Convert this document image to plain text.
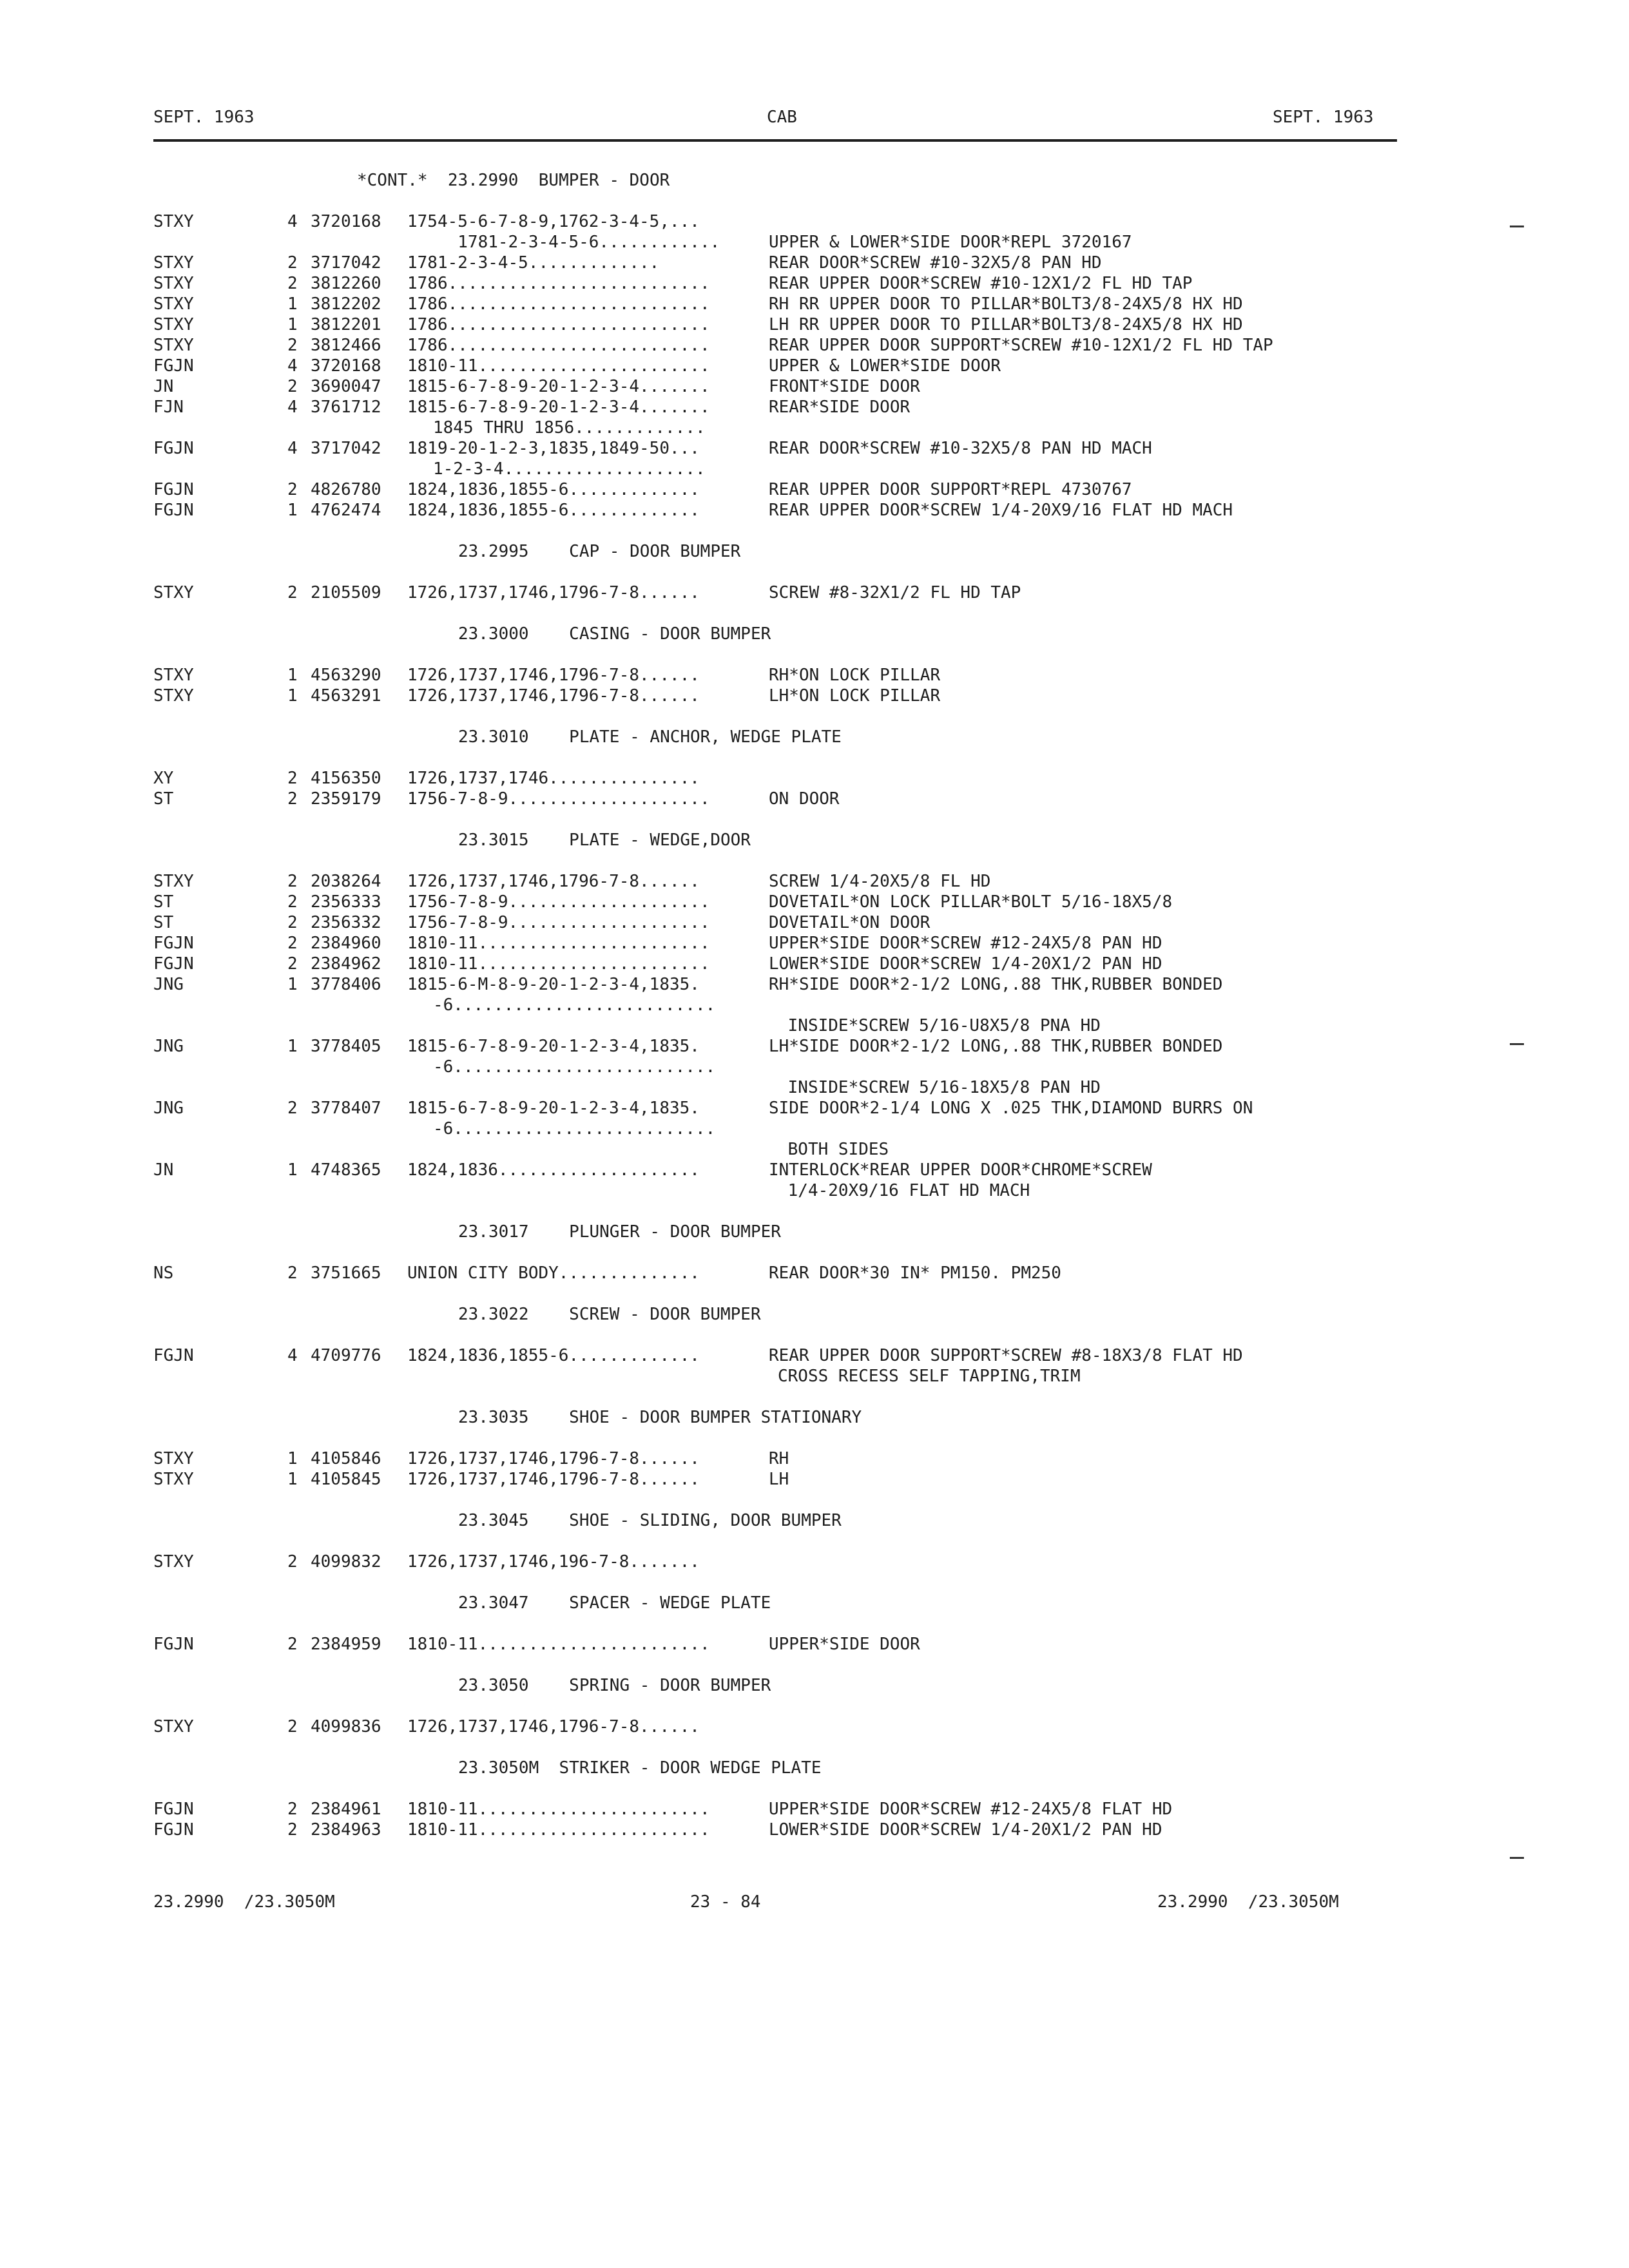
SEPT. 1963	CAB	SEPT. 1963

*CONT.*  23.2990  BUMPER - DOOR

STXY	4 3720168 1754-5-6-7-8-9,1762-3-4-5,...
1781-2-3-4-5-6............	UPPER & LOWER*SIDE DOOR*REPL 3720167
STXY	2 3717042 1781-2-3-4-5.............	REAR DOOR*SCREW #10-32X5/8 PAN HD
STXY	2 3812260 1786..........................	REAR UPPER DOOR*SCREW #10-12X1/2 FL HD TAP
STXY	1 3812202 1786..........................	RH RR UPPER DOOR TO PILLAR*BOLT3/8-24X5/8 HX HD
STXY	1 3812201 1786..........................	LH RR UPPER DOOR TO PILLAR*BOLT3/8-24X5/8 HX HD
STXY	2 3812466 1786..........................	REAR UPPER DOOR SUPPORT*SCREW #10-12X1/2 FL HD TAP
FGJN	4 3720168 1810-11.......................	UPPER & LOWER*SIDE DOOR
JN	2 3690047 1815-6-7-8-9-20-1-2-3-4.......	FRONT*SIDE DOOR
FJN	4 3761712 1815-6-7-8-9-20-1-2-3-4.......	REAR*SIDE DOOR
1845 THRU 1856.............
FGJN	4 3717042 1819-20-1-2-3,1835,1849-50...	REAR DOOR*SCREW #10-32X5/8 PAN HD MACH
1-2-3-4....................
FGJN	2 4826780 1824,1836,1855-6.............	REAR UPPER DOOR SUPPORT*REPL 4730767
FGJN	1 4762474 1824,1836,1855-6.............	REAR UPPER DOOR*SCREW 1/4-20X9/16 FLAT HD MACH
23.2995    CAP - DOOR BUMPER
STXY	2 2105509 1726,1737,1746,1796-7-8......	SCREW #8-32X1/2 FL HD TAP
23.3000    CASING - DOOR BUMPER
STXY	1 4563290 1726,1737,1746,1796-7-8......	RH*ON LOCK PILLAR
STXY	1 4563291 1726,1737,1746,1796-7-8......	LH*ON LOCK PILLAR
23.3010    PLATE - ANCHOR, WEDGE PLATE
XY	2 4156350 1726,1737,1746...............
ST	2 2359179 1756-7-8-9....................	ON DOOR
23.3015    PLATE - WEDGE,DOOR
STXY	2 2038264 1726,1737,1746,1796-7-8......	SCREW 1/4-20X5/8 FL HD
ST	2 2356333 1756-7-8-9....................	DOVETAIL*ON LOCK PILLAR*BOLT 5/16-18X5/8
ST	2 2356332 1756-7-8-9....................	DOVETAIL*ON DOOR
FGJN	2 2384960 1810-11.......................	UPPER*SIDE DOOR*SCREW #12-24X5/8 PAN HD
FGJN	2 2384962 1810-11.......................	LOWER*SIDE DOOR*SCREW 1/4-20X1/2 PAN HD
JNG	1 3778406 1815-6-M-8-9-20-1-2-3-4,1835.	RH*SIDE DOOR*2-1/2 LONG,.88 THK,RUBBER BONDED
-6..........................
INSIDE*SCREW 5/16-U8X5/8 PNA HD
JNG	1 3778405 1815-6-7-8-9-20-1-2-3-4,1835.	LH*SIDE DOOR*2-1/2 LONG,.88 THK,RUBBER BONDED
-6..........................
INSIDE*SCREW 5/16-18X5/8 PAN HD
JNG	2 3778407 1815-6-7-8-9-20-1-2-3-4,1835.	SIDE DOOR*2-1/4 LONG X .025 THK,DIAMOND BURRS ON
-6..........................
BOTH SIDES
JN	1 4748365 1824,1836....................	INTERLOCK*REAR UPPER DOOR*CHROME*SCREW
1/4-20X9/16 FLAT HD MACH
23.3017    PLUNGER - DOOR BUMPER
NS	2 3751665 UNION CITY BODY..............	REAR DOOR*30 IN* PM150. PM250
23.3022    SCREW - DOOR BUMPER
FGJN	4 4709776 1824,1836,1855-6.............	REAR UPPER DOOR SUPPORT*SCREW #8-18X3/8 FLAT HD
CROSS RECESS SELF TAPPING,TRIM
23.3035    SHOE - DOOR BUMPER STATIONARY
STXY	1 4105846 1726,1737,1746,1796-7-8......	RH
STXY	1 4105845 1726,1737,1746,1796-7-8......	LH
23.3045    SHOE - SLIDING, DOOR BUMPER
STXY	2 4099832 1726,1737,1746,196-7-8.......
23.3047    SPACER - WEDGE PLATE
FGJN	2 2384959 1810-11.......................	UPPER*SIDE DOOR
23.3050    SPRING - DOOR BUMPER
STXY	2 4099836 1726,1737,1746,1796-7-8......
23.3050M  STRIKER - DOOR WEDGE PLATE
FGJN	2 2384961 1810-11.......................	UPPER*SIDE DOOR*SCREW #12-24X5/8 FLAT HD
FGJN	2 2384963 1810-11.......................	LOWER*SIDE DOOR*SCREW 1/4-20X1/2 PAN HD
23.2990  /23.3050M	23 - 84	23.2990  /23.3050M
